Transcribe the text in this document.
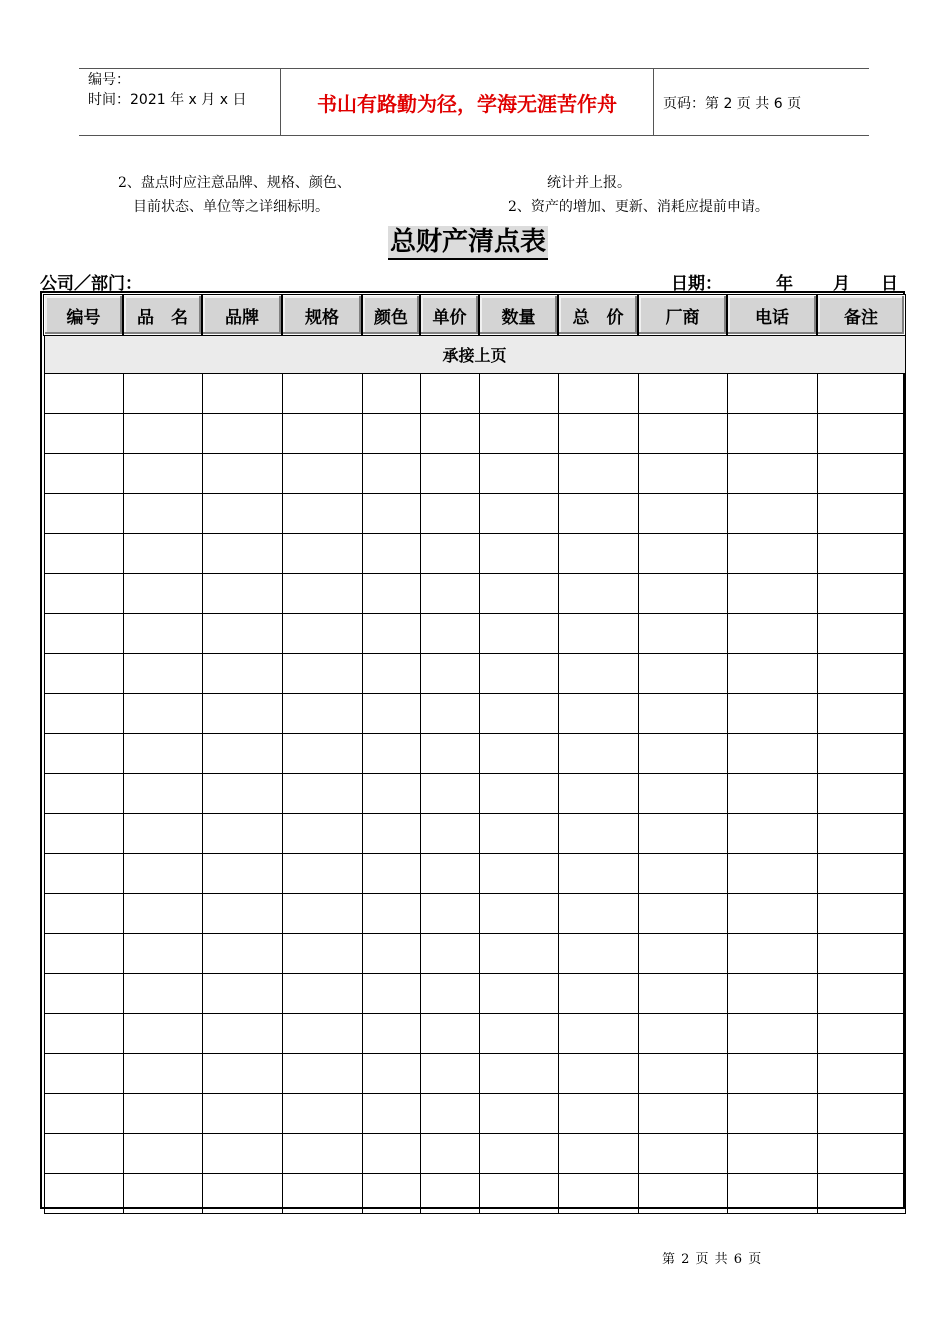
编号：
时间：2021 年 x 月 x 日	书山有路勤为径，学海无涯苦作舟	页码：第 2 页 共 6 页
2、盘点时应注意品牌、规格、颜色、
目前状态、单位等之详细标明。
统计并上报。
2、资产的增加、更新、消耗应提前申请。
总财产清点表
公司／部门：	日期：	年 月 日
编号	品　名	品牌	规格	颜色	单价	数量	总　价	厂商	电话	备注
承接上页										

第 2 页 共 6 页
